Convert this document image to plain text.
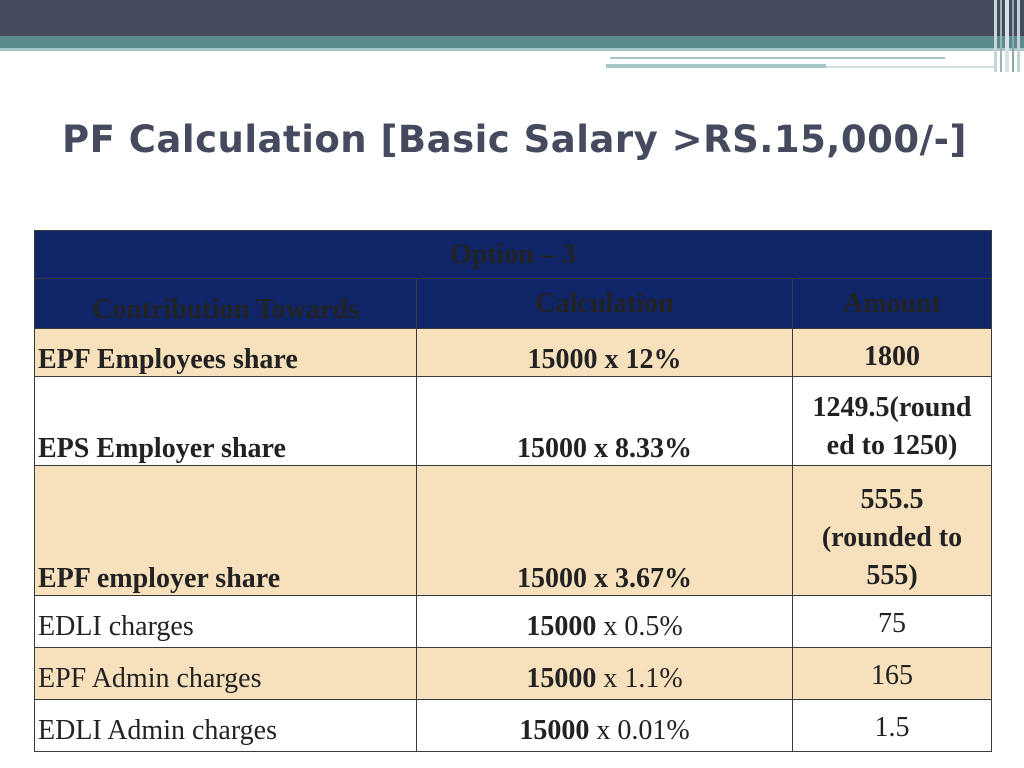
PF Calculation [Basic Salary >RS.15,000/-]
Option – 3		
Contribution Towards	Calculation	Amount
EPF Employees share	15000 x 12%	1800

EPS Employer share	15000 x 8.33%	1249.5(round
ed to 1250)

EPF employer share	15000 x 3.67%	555.5
(rounded to
555)

EDLI charges	15000 x 0.5%	75

EPF Admin charges	15000 x 1.1%	165

EDLI Admin charges	15000 x 0.01%	1.5
